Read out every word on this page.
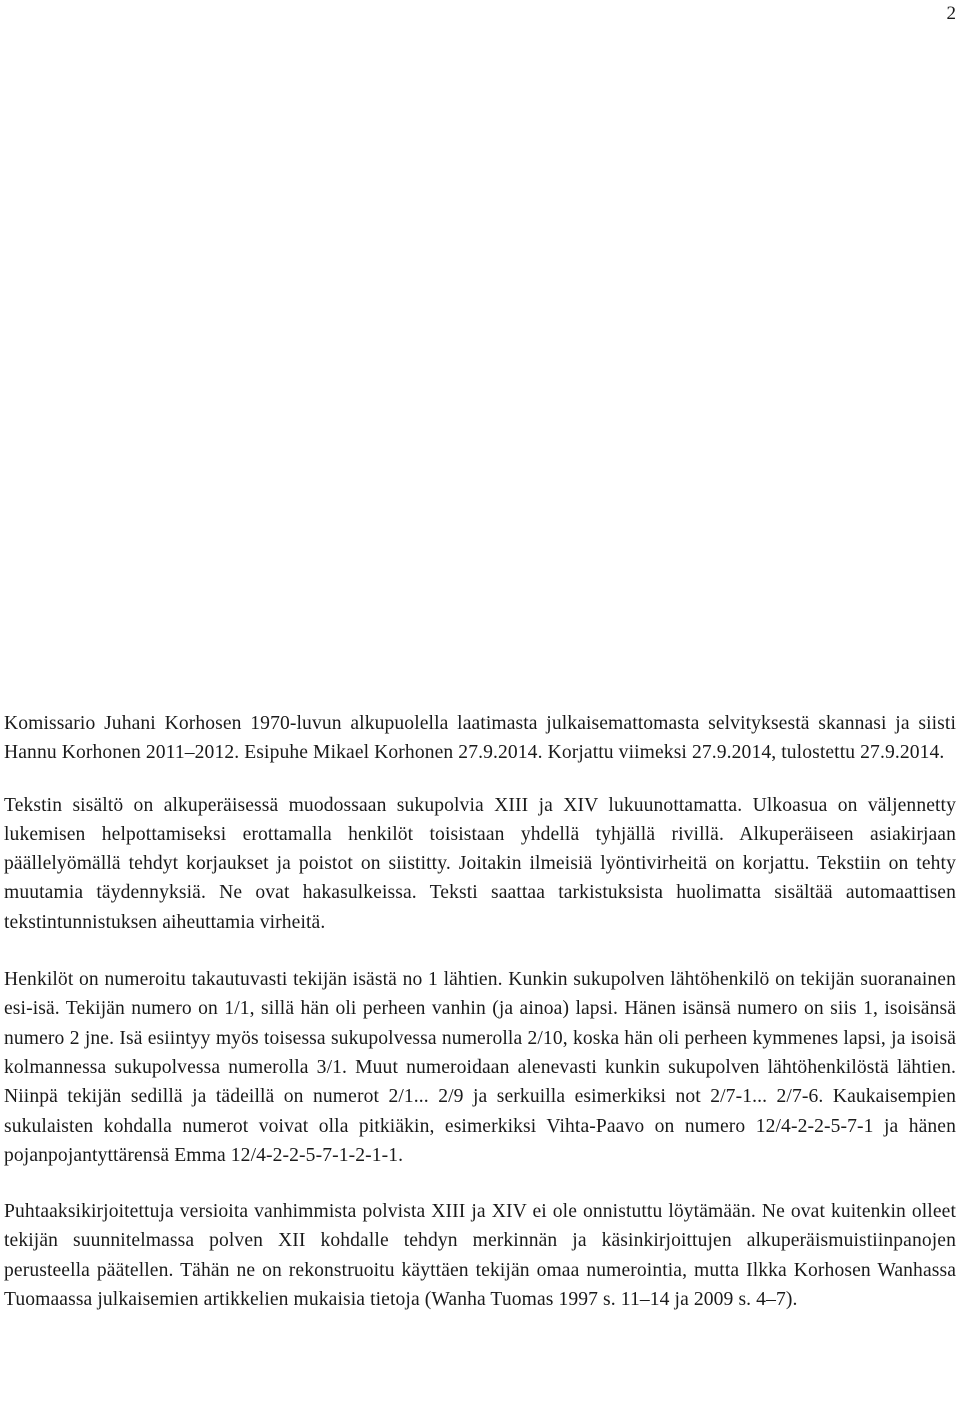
2

Komissario Juhani Korhosen 1970-luvun alkupuolella laatimasta julkaisemattomasta selvityksestä skannasi ja siisti Hannu Korhonen 2011–2012. Esipuhe Mikael Korhonen 27.9.2014. Korjattu viimeksi 27.9.2014, tulostettu 27.9.2014.

Tekstin sisältö on alkuperäisessä muodossaan sukupolvia XIII ja XIV lukuunottamatta. Ulkoasua on väljennetty lukemisen helpottamiseksi erottamalla henkilöt toisistaan yhdellä tyhjällä rivillä. Alkuperäiseen asiakirjaan päällelyömällä tehdyt korjaukset ja poistot on siistitty. Joitakin ilmeisiä lyöntivirheitä on korjattu. Tekstiin on tehty muutamia täydennyksiä. Ne ovat hakasulkeissa. Teksti saattaa tarkistuksista huolimatta sisältää automaattisen tekstintunnistuksen aiheuttamia virheitä.

Henkilöt on numeroitu takautuvasti tekijän isästä no 1 lähtien. Kunkin sukupolven lähtöhenkilö on tekijän suoranainen esi-isä. Tekijän numero on 1/1, sillä hän oli perheen vanhin (ja ainoa) lapsi. Hänen isänsä numero on siis 1, isoisänsä numero 2 jne. Isä esiintyy myös toisessa sukupolvessa numerolla 2/10, koska hän oli perheen kymmenes lapsi, ja isoisä kolmannessa sukupolvessa numerolla 3/1. Muut numeroidaan alenevasti kunkin sukupolven lähtöhenkilöstä lähtien. Niinpä tekijän sedillä ja tädeillä on numerot 2/1... 2/9 ja serkuilla esimerkiksi not 2/7-1... 2/7-6. Kaukaisempien sukulaisten kohdalla numerot voivat olla pitkiäkin, esimerkiksi Vihta-Paavo on numero 12/4-2-2-5-7-1 ja hänen pojanpojantyttärensä Emma 12/4-2-2-5-7-1-2-1-1.

Puhtaaksikirjoitettuja versioita vanhimmista polvista XIII ja XIV ei ole onnistuttu löytämään. Ne ovat kuitenkin olleet tekijän suunnitelmassa polven XII kohdalle tehdyn merkinnän ja käsinkirjoittujen alkuperäismuistiinpanojen perusteella päätellen. Tähän ne on rekonstruoitu käyttäen tekijän omaa numerointia, mutta Ilkka Korhosen Wanhassa Tuomaassa julkaisemien artikkelien mukaisia tietoja (Wanha Tuomas 1997 s. 11–14 ja 2009 s. 4–7).
